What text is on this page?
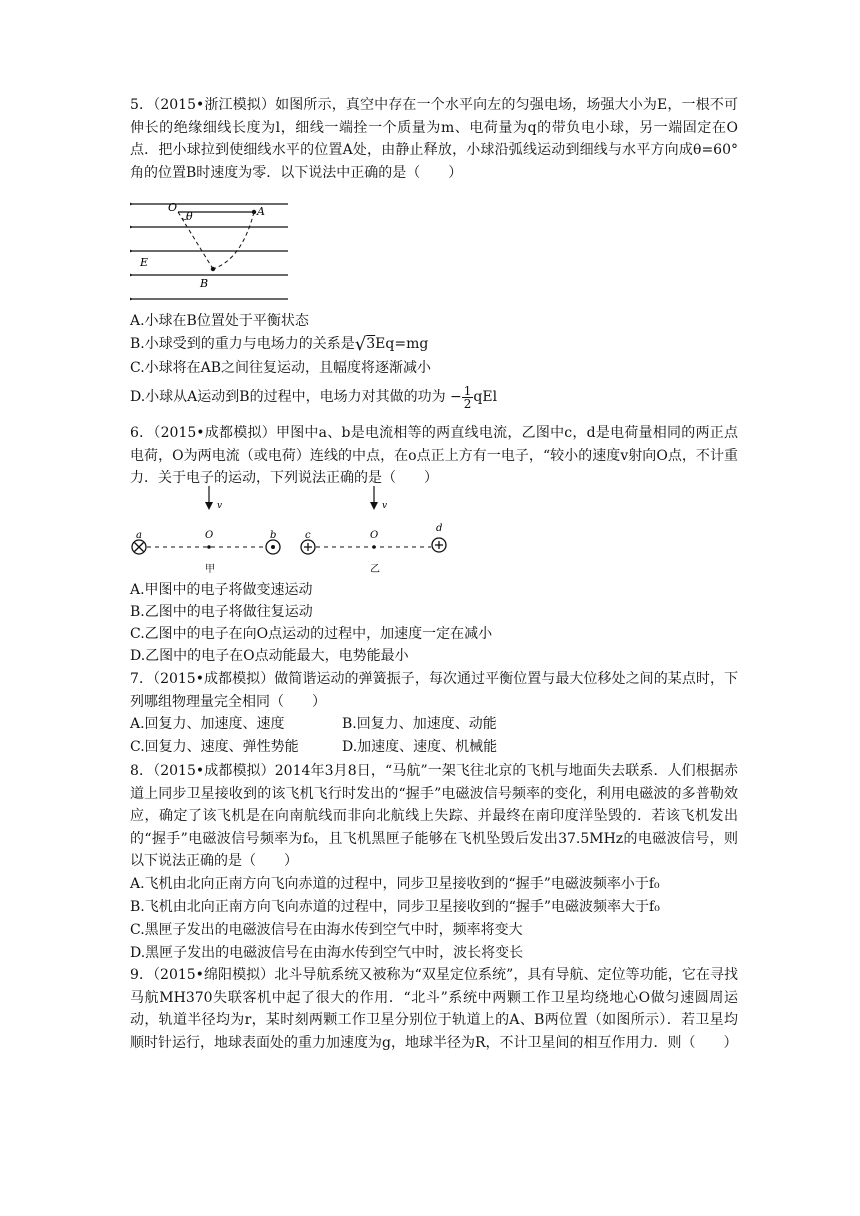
5．（2015•浙江模拟）如图所示，真空中存在一个水平向左的匀强电场，场强大小为E，一根不可伸长的绝缘细线长度为l，细线一端拴一个质量为m、电荷量为q的带负电小球，另一端固定在O点．把小球拉到使细线水平的位置A处，由静止释放，小球沿弧线运动到细线与水平方向成θ=60°角的位置B时速度为零．以下说法中正确的是（　　）
O
θ	A
E
B
A.小球在B位置处于平衡状态
B.小球受到的重力与电场力的关系是√3Eq=mg
C.小球将在AB之间往复运动，且幅度将逐渐减小
D.小球从A运动到B的过程中，电场力对其做的功为 − $\frac{1}{2}$ qEl
6．（2015•成都模拟）甲图中a、b是电流相等的两直线电流，乙图中c，d是电荷量相同的两正点电荷，O为两电流（或电荷）连线的中点，在o点正上方有一电子，“较小的速度v射向O点，不计重力．关于电子的运动，下列说法正确的是（　　）
v	v
a	O	b
甲
c	O
d
乙
A.甲图中的电子将做变速运动
B.乙图中的电子将做往复运动
C.乙图中的电子在向O点运动的过程中，加速度一定在减小
D.乙图中的电子在O点动能最大，电势能最小
7．（2015•成都模拟）做简谐运动的弹簧振子，每次通过平衡位置与最大位移处之间的某点时，下列哪组物理量完全相同（　　）
A.回复力、加速度、速度	B.回复力、加速度、动能
C.回复力、速度、弹性势能	D.加速度、速度、机械能
8．（2015•成都模拟）2014年3月8日，“马航”一架飞往北京的飞机与地面失去联系．人们根据赤道上同步卫星接收到的该飞机飞行时发出的“握手”电磁波信号频率的变化，利用电磁波的多普勒效应，确定了该飞机是在向南航线而非向北航线上失踪、并最终在南印度洋坠毁的．若该飞机发出的“握手”电磁波信号频率为f₀，且飞机黑匣子能够在飞机坠毁后发出37.5MHz的电磁波信号，则以下说法正确的是（　　）
A.飞机由北向正南方向飞向赤道的过程中，同步卫星接收到的“握手”电磁波频率小于f₀
B.飞机由北向正南方向飞向赤道的过程中，同步卫星接收到的“握手”电磁波频率大于f₀
C.黑匣子发出的电磁波信号在由海水传到空气中时，频率将变大
D.黑匣子发出的电磁波信号在由海水传到空气中时，波长将变长
9．（2015•绵阳模拟）北斗导航系统又被称为“双星定位系统”，具有导航、定位等功能，它在寻找马航MH370失联客机中起了很大的作用．“北斗”系统中两颗工作卫星均绕地心O做匀速圆周运动，轨道半径均为r，某时刻两颗工作卫星分别位于轨道上的A、B两位置（如图所示）．若卫星均顺时针运行，地球表面处的重力加速度为g，地球半径为R，不计卫星间的相互作用力．则（　　）
